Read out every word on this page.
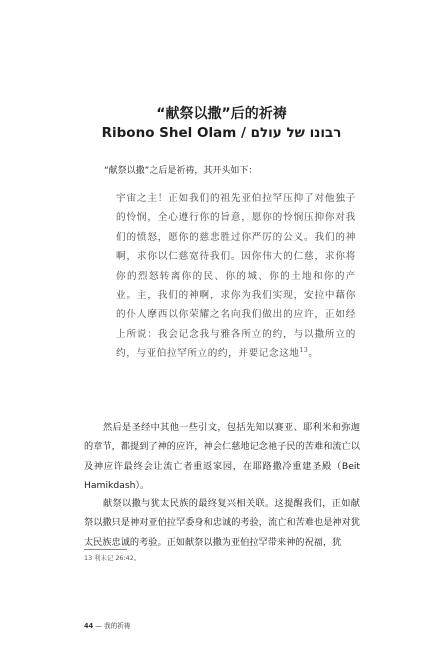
“献祭以撒”后的祈祷
Ribono Shel Olam / רבונו של עולם
“献祭以撒”之后是祈祷，其开头如下：
宇宙之主！正如我们的祖先亚伯拉罕压抑了对他独子的怜悯，全心遵行你的旨意，愿你的怜悯压抑你对我们的愤怒，愿你的慈悲胜过你严厉的公义。我们的神啊，求你以仁慈宽待我们。因你伟大的仁慈，求你将你的烈怒转离你的民、你的城、你的土地和你的产业。主，我们的神啊，求你为我们实现，安拉中藉你的仆人摩西以你荣耀之名向我们做出的应许，正如经上所说：我会记念我与雅各所立的约，与以撒所立的约，与亚伯拉罕所立的约，并要记念这地$^{13}$。
然后是圣经中其他一些引文，包括先知以赛亚、耶利米和弥迦的章节，都提到了神的应许，神会仁慈地记念祂子民的苦难和流亡以及神应许最终会让流亡者重返家园，在耶路撒冷重建圣殿（Beit Hamikdash）。
献祭以撒与犹太民族的最终复兴相关联。这提醒我们，正如献祭以撒只是神对亚伯拉罕委身和忠诚的考验，流亡和苦难也是神对犹太民族忠诚的考验。正如献祭以撒为亚伯拉罕带来神的祝福，犹
13 利未记 26:42。
44 — 我的祈祷
